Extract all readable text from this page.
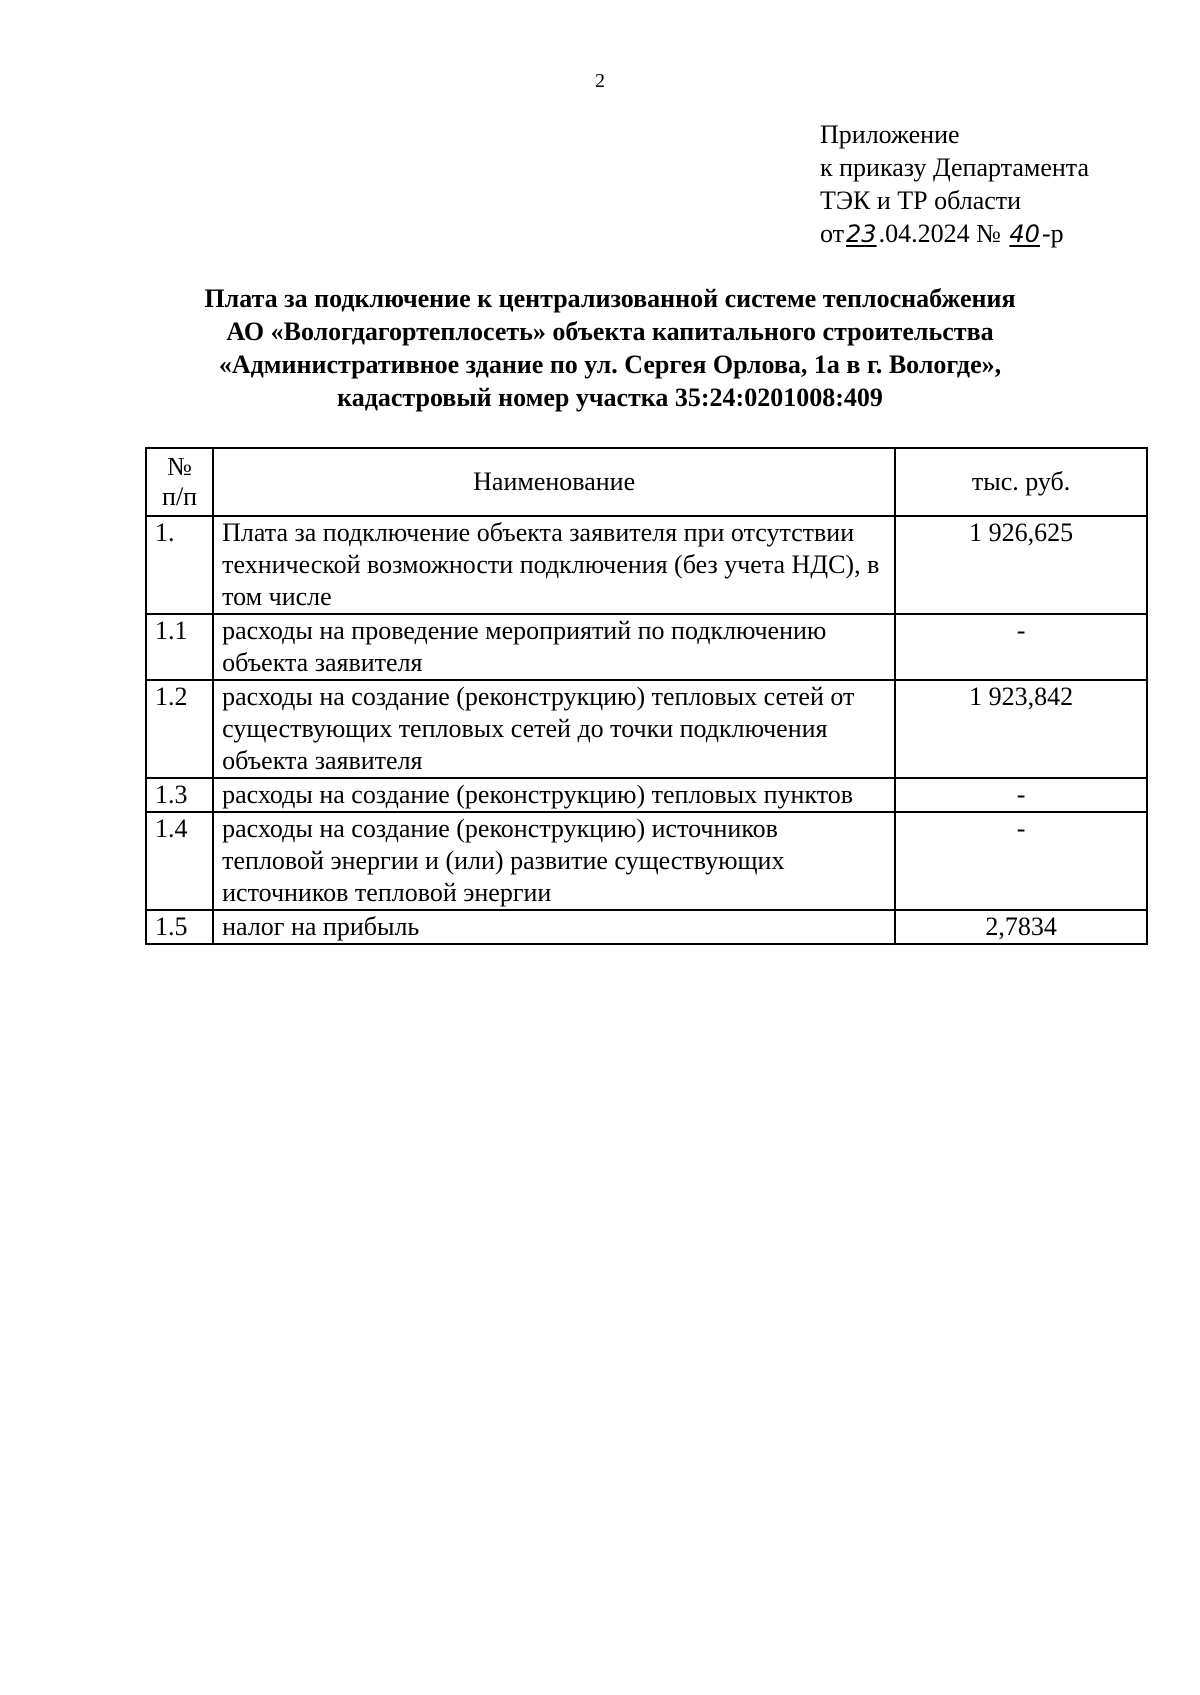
2
Приложение
к приказу Департамента
ТЭК и ТР области
от23.04.2024 № 40-р
Плата за подключение к централизованной системе теплоснабжения
АО «Вологдагортеплосеть» объекта капитального строительства
«Административное здание по ул. Сергея Орлова, 1а в г. Вологде»,
кадастровый номер участка 35:24:0201008:409
№
п/п	Наименование	тыс. руб.
1.	Плата за подключение объекта заявителя при отсутствии технической возможности подключения (без учета НДС), в том числе	1 926,625
1.1	расходы на проведение мероприятий по подключению объекта заявителя	-
1.2	расходы на создание (реконструкцию) тепловых сетей от существующих тепловых сетей до точки подключения объекта заявителя	1 923,842
1.3	расходы на создание (реконструкцию) тепловых пунктов	-
1.4	расходы на создание (реконструкцию) источников тепловой энергии и (или) развитие существующих источников тепловой энергии	-
1.5	налог на прибыль	2,7834
